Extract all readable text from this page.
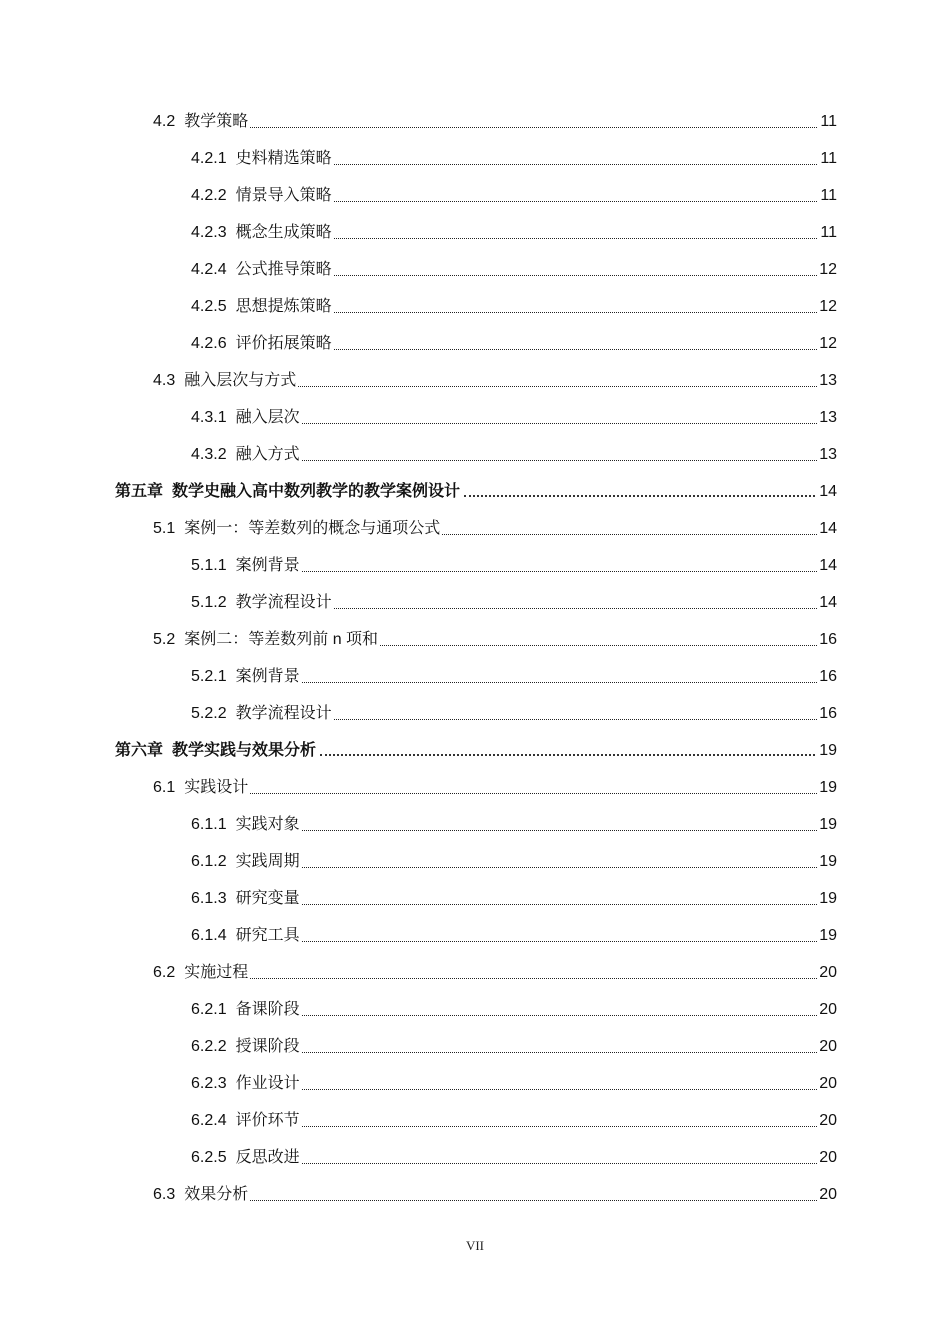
4.2 教学策略	11
4.2.1 史料精选策略	11
4.2.2 情景导入策略	11
4.2.3 概念生成策略	11
4.2.4 公式推导策略	12
4.2.5 思想提炼策略	12
4.2.6 评价拓展策略	12
4.3 融入层次与方式	13
4.3.1 融入层次	13
4.3.2 融入方式	13
第五章 数学史融入高中数列教学的教学案例设计	14
5.1 案例一：等差数列的概念与通项公式	14
5.1.1 案例背景	14
5.1.2 教学流程设计	14
5.2 案例二：等差数列前 n 项和	16
5.2.1 案例背景	16
5.2.2 教学流程设计	16
第六章 教学实践与效果分析	19
6.1 实践设计	19
6.1.1 实践对象	19
6.1.2 实践周期	19
6.1.3 研究变量	19
6.1.4 研究工具	19
6.2 实施过程	20
6.2.1 备课阶段	20
6.2.2 授课阶段	20
6.2.3 作业设计	20
6.2.4 评价环节	20
6.2.5 反思改进	20
6.3 效果分析	20
VII
